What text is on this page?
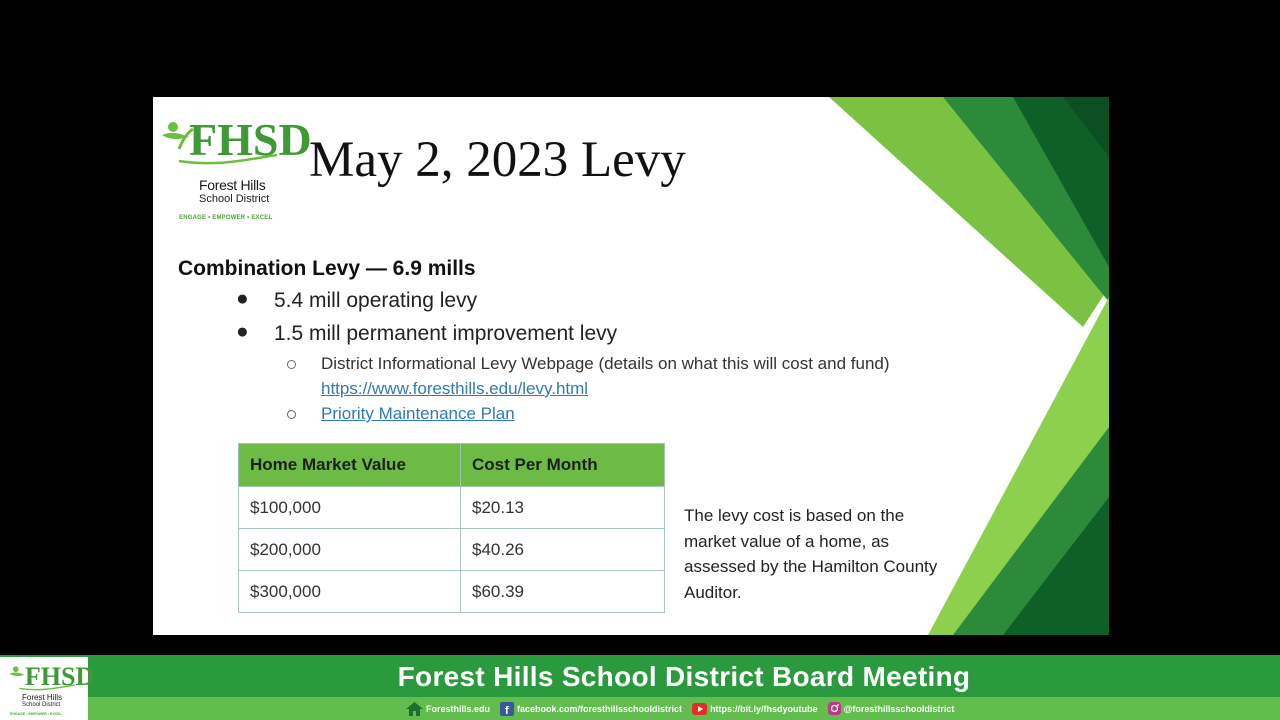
FHSD
Forest Hills
School District
ENGAGE • EMPOWER • EXCEL
May 2, 2023 Levy
Combination Levy — 6.9 mills
● 5.4 mill operating levy
● 1.5 mill permanent improvement levy
District Informational Levy Webpage (details on what this will cost and fund)
https://www.foresthills.edu/levy.html
Priority Maintenance Plan
Home Market Value	Cost Per Month
$100,000	$20.13
$200,000	$40.26
$300,000	$60.39
The levy cost is based on the market value of a home, as assessed by the Hamilton County Auditor.
FHSD
Forest Hills
School District
ENGAGE • EMPOWER • EXCEL
Forest Hills School District Board Meeting
Foresthills.edu f facebook.com/foresthillsschooldistrict	https://bit.ly/fhsdyoutube	@foresthillsschooldistrict
